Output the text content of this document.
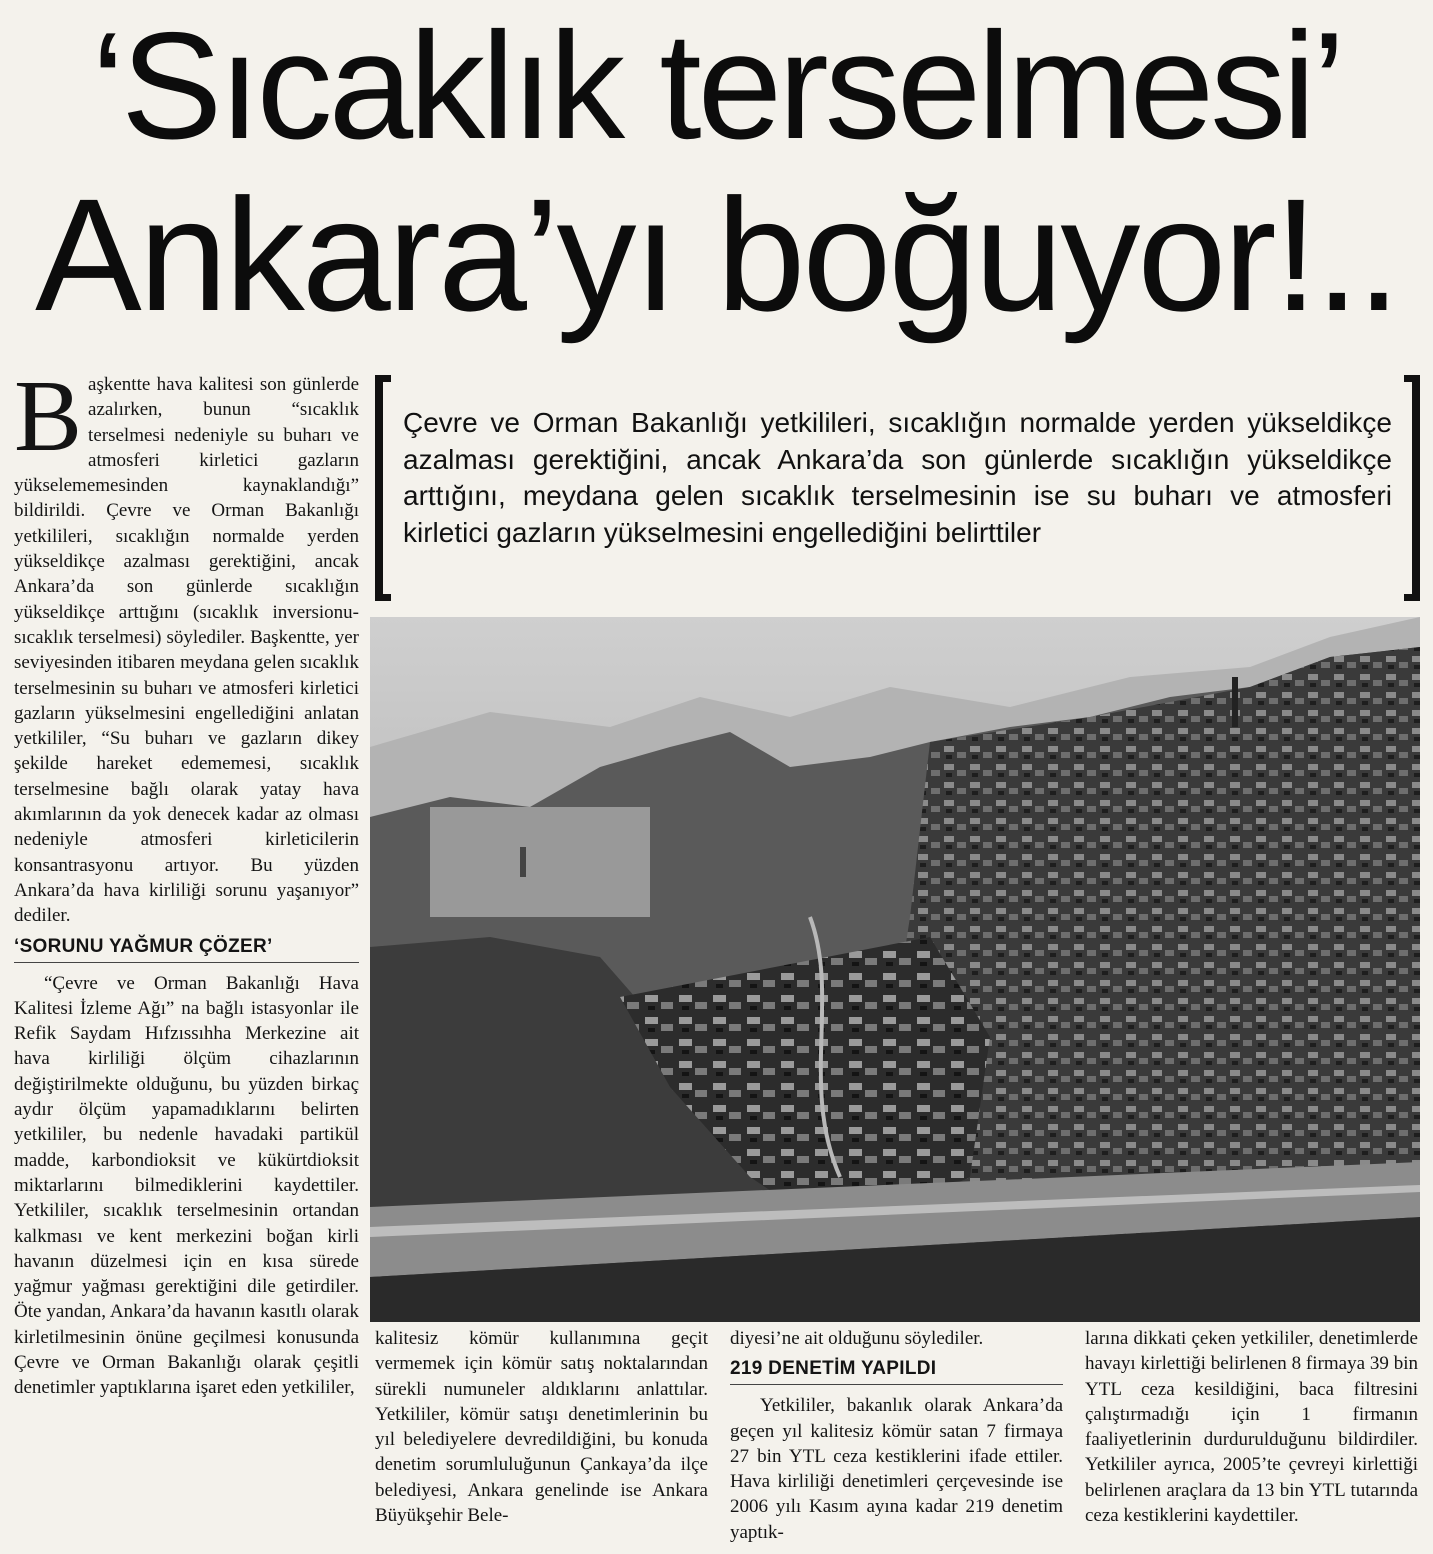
‘Sıcaklık terselmesi’
Ankara’yı boğuyor!..

Başkentte hava kalitesi son günlerde azalırken, bunun “sıcaklık terselmesi nedeniyle su buharı ve atmosferi kirletici gazların yükselememesinden kaynaklandığı” bildirildi. Çevre ve Orman Bakanlığı yetkilileri, sıcaklığın normalde yerden yükseldikçe azalması gerektiğini, ancak Ankara’da son günlerde sıcaklığın yükseldikçe arttığını (sıcaklık inversionu-sıcaklık terselmesi) söylediler. Başkentte, yer seviyesinden itibaren meydana gelen sıcaklık terselmesinin su buharı ve atmosferi kirletici gazların yükselmesini engellediğini anlatan yetkililer, “Su buharı ve gazların dikey şekilde hareket edememesi, sıcaklık terselmesine bağlı olarak yatay hava akımlarının da yok denecek kadar az olması nedeniyle atmosferi kirleticilerin konsantrasyonu artıyor. Bu yüzden Ankara’da hava kirliliği sorunu yaşanıyor” dediler.

‘SORUNU YAĞMUR ÇÖZER’

“Çevre ve Orman Bakanlığı Hava Kalitesi İzleme Ağı” na bağlı istasyonlar ile Refik Saydam Hıfzıssıhha Merkezine ait hava kirliliği ölçüm cihazlarının değiştirilmekte olduğunu, bu yüzden birkaç aydır ölçüm yapamadıklarını belirten yetkililer, bu nedenle havadaki partikül madde, karbondioksit ve kükürtdioksit miktarlarını bilmediklerini kaydettiler. Yetkililer, sıcaklık terselmesinin ortandan kalkması ve kent merkezini boğan kirli havanın düzelmesi için en kısa sürede yağmur yağması gerektiğini dile getirdiler. Öte yandan, Ankara’da havanın kasıtlı olarak kirletilmesinin önüne geçilmesi konusunda Çevre ve Orman Bakanlığı olarak çeşitli denetimler yaptıklarına işaret eden yetkililer,

Çevre ve Orman Bakanlığı yetkilileri, sıcaklığın normalde yerden yükseldikçe azalması gerektiğini, ancak Ankara’da son günlerde sıcaklığın yükseldikçe arttığını, meydana gelen sıcaklık terselmesinin ise su buharı ve atmosferi kirletici gazların yükselmesini engellediğini belirttiler

kalitesiz kömür kullanımına geçit vermemek için kömür satış noktalarından sürekli numuneler aldıklarını anlattılar. Yetkililer, kömür satışı denetimlerinin bu yıl belediyelere devredildiğini, bu konuda denetim sorumluluğunun Çankaya’da ilçe belediyesi, Ankara genelinde ise Ankara Büyükşehir Bele-

diyesi’ne ait olduğunu söylediler.

219 DENETİM YAPILDI

Yetkililer, bakanlık olarak Ankara’da geçen yıl kalitesiz kömür satan 7 firmaya 27 bin YTL ceza kestiklerini ifade ettiler. Hava kirliliği denetimleri çerçevesinde ise 2006 yılı Kasım ayına kadar 219 denetim yaptık-

larına dikkati çeken yetkililer, denetimlerde havayı kirlettiği belirlenen 8 firmaya 39 bin YTL ceza kesildiğini, baca filtresini çalıştırmadığı için 1 firmanın faaliyetlerinin durdurulduğunu bildirdiler. Yetkililer ayrıca, 2005’te çevreyi kirlettiği belirlenen araçlara da 13 bin YTL tutarında ceza kestiklerini kaydettiler.
